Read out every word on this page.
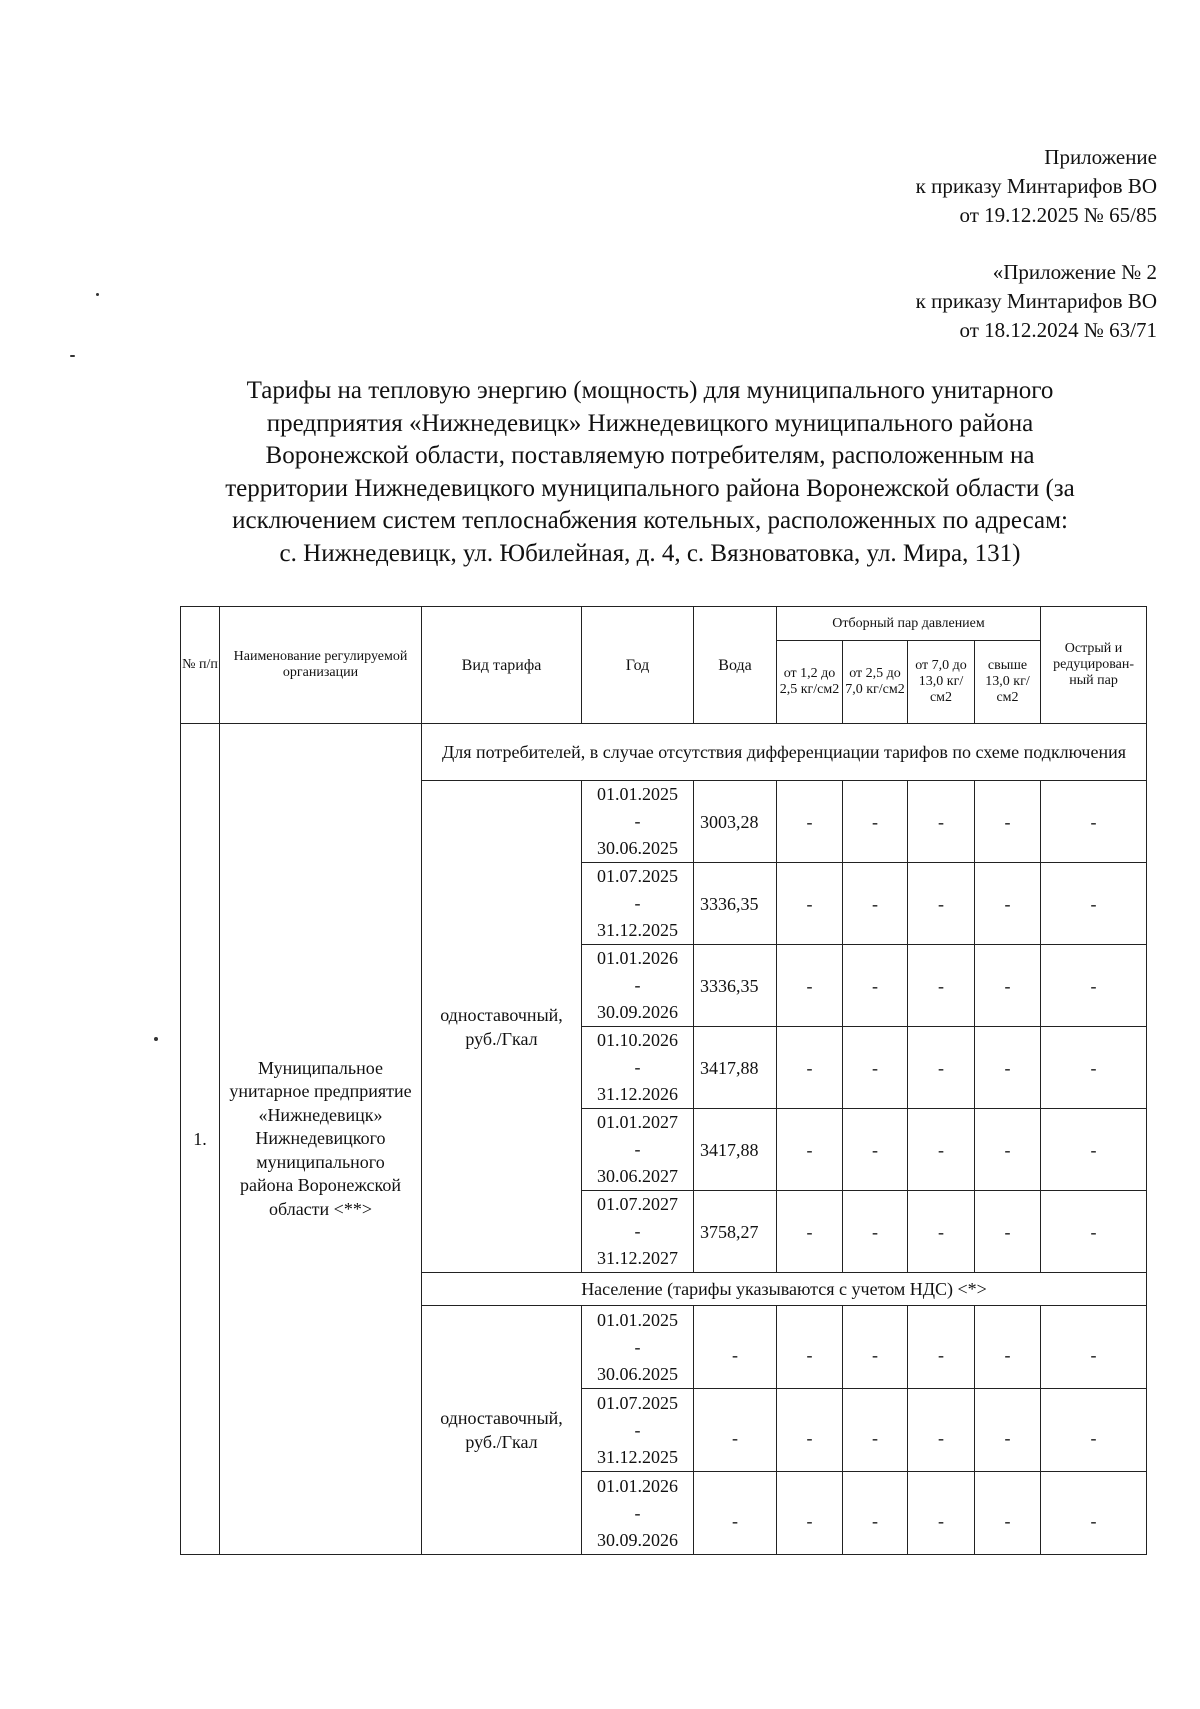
Приложение
к приказу Минтарифов ВО
от 19.12.2025 № 65/85
«Приложение № 2
к приказу Минтарифов ВО
от 18.12.2024 № 63/71
Тарифы на тепловую энергию (мощность) для муниципального унитарного
предприятия «Нижнедевицк» Нижнедевицкого муниципального района
Воронежской области, поставляемую потребителям, расположенным на
территории Нижнедевицкого муниципального района Воронежской области (за
исключением систем теплоснабжения котельных, расположенных по адресам:
с. Нижнедевицк, ул. Юбилейная, д. 4, с. Вязноватовка, ул. Мира, 131)
№ п/п	Наименование регулируемой организации	Вид тарифа	Год	Вода	Отборный пар давлением				Острый и редуцирован-ный пар
					от 1,2 до 2,5 кг/см2	от 2,5 до 7,0 кг/см2	от 7,0 до 13,0 кг/см2	свыше 13,0 кг/см2	
1.	Муниципальное унитарное предприятие «Нижнедевицк» Нижнедевицкого муниципального района Воронежской области <**>	Для потребителей, в случае отсутствия дифференциации тарифов по схеме подключения							
		одноставочный, руб./Гкал	01.01.2025
-
30.06.2025	3003,28	-	-	-	-	-

			01.07.2025
-
31.12.2025	3336,35	-	-	-	-	-

			01.01.2026
-
30.09.2026	3336,35	-	-	-	-	-

			01.10.2026
-
31.12.2026	3417,88	-	-	-	-	-

			01.01.2027
-
30.06.2027	3417,88	-	-	-	-	-

			01.07.2027
-
31.12.2027	3758,27	-	-	-	-	-
		Население (тарифы указываются с учетом НДС) <*>							
		одноставочный, руб./Гкал	01.01.2025
-
30.06.2025	-	-	-	-	-	-

			01.07.2025
-
31.12.2025	-	-	-	-	-	-

			01.01.2026
-
30.09.2026	-	-	-	-	-	-
